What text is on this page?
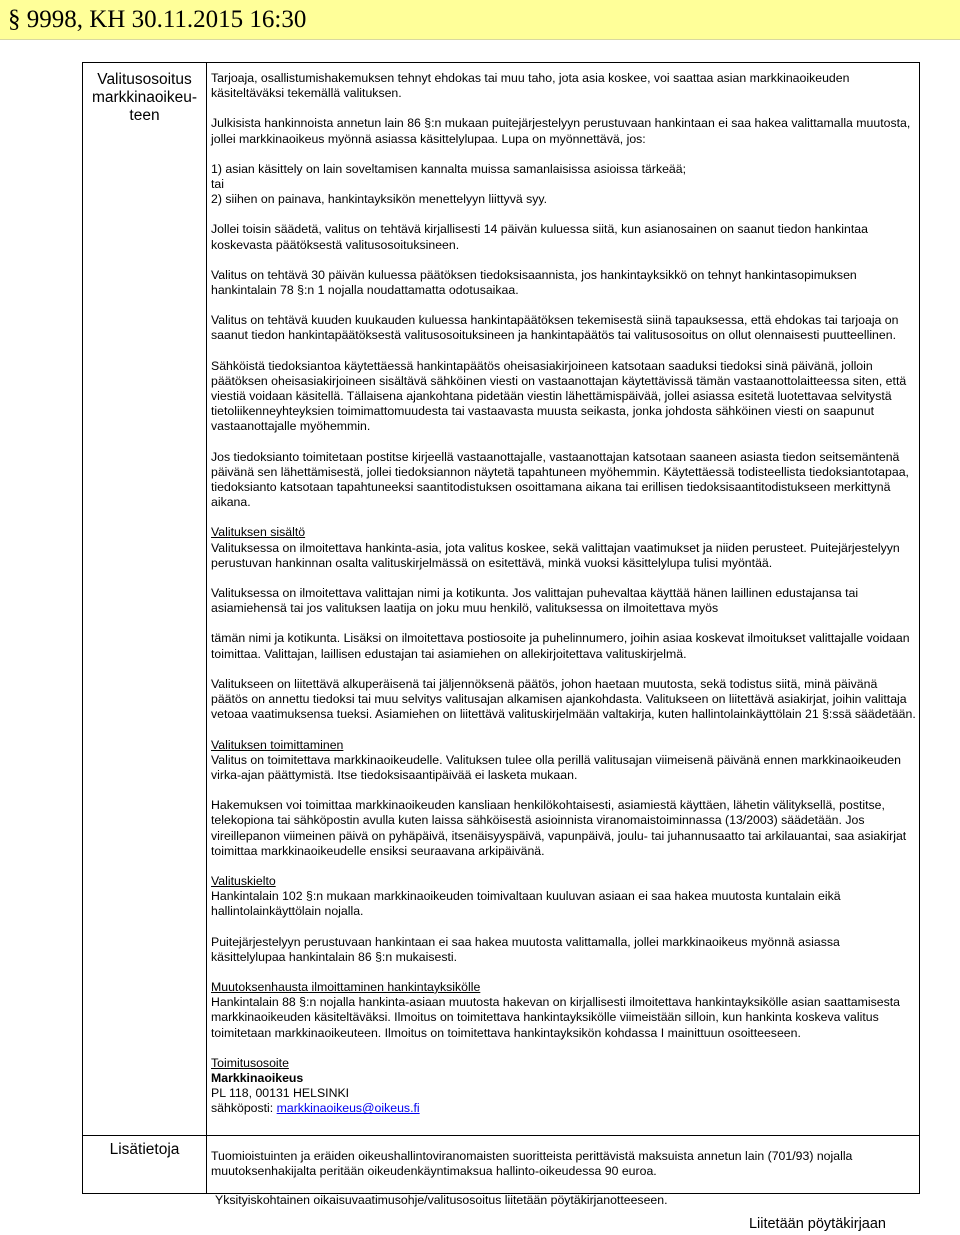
§ 9998, KH 30.11.2015 16:30
Valitusosoitus
markkinaoikeu-
teen
Lisätietoja

Tarjoaja, osallistumishakemuksen tehnyt ehdokas tai muu taho, jota asia koskee, voi saattaa asian markkinaoikeuden käsiteltäväksi tekemällä valituksen.

Julkisista hankinnoista annetun lain 86 §:n mukaan puitejärjestelyyn perustuvaan hankintaan ei saa hakea valittamalla muutosta, jollei markkinaoikeus myönnä asiassa käsittelylupaa. Lupa on myönnettävä, jos:

1) asian käsittely on lain soveltamisen kannalta muissa samanlaisissa asioissa tärkeää;

tai

2) siihen on painava, hankintayksikön menettelyyn liittyvä syy.

Jollei toisin säädetä, valitus on tehtävä kirjallisesti 14 päivän kuluessa siitä, kun asianosainen on saanut tiedon hankintaa koskevasta päätöksestä valitusosoituksineen.

Valitus on tehtävä 30 päivän kuluessa päätöksen tiedoksisaannista, jos hankintayksikkö on tehnyt hankintasopimuksen hankintalain 78 §:n 1 nojalla noudattamatta odotusaikaa.

Valitus on tehtävä kuuden kuukauden kuluessa hankintapäätöksen tekemisestä siinä tapauksessa, että ehdokas tai tarjoaja on saanut tiedon hankintapäätöksestä valitusosoituksineen ja hankintapäätös tai valitusosoitus on ollut olennaisesti puutteellinen.

Sähköistä tiedoksiantoa käytettäessä hankintapäätös oheisasiakirjoineen katsotaan saaduksi tiedoksi sinä päivänä, jolloin päätöksen oheisasiakirjoineen sisältävä sähköinen viesti on vastaanottajan käytettävissä tämän vastaanottolaitteessa siten, että viestiä voidaan käsitellä. Tällaisena ajankohtana pidetään viestin lähettämispäivää, jollei asiassa esitetä luotettavaa selvitystä tietoliikenneyhteyksien toimimattomuudesta tai vastaavasta muusta seikasta, jonka johdosta sähköinen viesti on saapunut vastaanottajalle myöhemmin.

Jos tiedoksianto toimitetaan postitse kirjeellä vastaanottajalle, vastaanottajan katsotaan saaneen asiasta tiedon seitsemäntenä päivänä sen lähettämisestä, jollei tiedoksiannon näytetä tapahtuneen myöhemmin. Käytettäessä todisteellista tiedoksiantotapaa, tiedoksianto katsotaan tapahtuneeksi saantitodistuksen osoittamana aikana tai erillisen tiedoksisaantitodistukseen merkittynä aikana.

Valituksen sisältö

Valituksessa on ilmoitettava hankinta-asia, jota valitus koskee, sekä valittajan vaatimukset ja niiden perusteet. Puitejärjestelyyn perustuvan hankinnan osalta valituskirjelmässä on esitettävä, minkä vuoksi käsittelylupa tulisi myöntää.

Valituksessa on ilmoitettava valittajan nimi ja kotikunta. Jos valittajan puhevaltaa käyttää hänen laillinen edustajansa tai asiamiehensä tai jos valituksen laatija on joku muu henkilö, valituksessa on ilmoitettava myös

tämän nimi ja kotikunta. Lisäksi on ilmoitettava postiosoite ja puhelinnumero, joihin asiaa koskevat ilmoitukset valittajalle voidaan toimittaa. Valittajan, laillisen edustajan tai asiamiehen on allekirjoitettava valituskirjelmä.

Valitukseen on liitettävä alkuperäisenä tai jäljennöksenä päätös, johon haetaan muutosta, sekä todistus siitä, minä päivänä päätös on annettu tiedoksi tai muu selvitys valitusajan alkamisen ajankohdasta. Valitukseen on liitettävä asiakirjat, joihin valittaja vetoaa vaatimuksensa tueksi. Asiamiehen on liitettävä valituskirjelmään valtakirja, kuten hallintolainkäyttölain 21 §:ssä säädetään.

Valituksen toimittaminen

Valitus on toimitettava markkinaoikeudelle. Valituksen tulee olla perillä valitusajan viimeisenä päivänä ennen markkinaoikeuden virka-ajan päättymistä. Itse tiedoksisaantipäivää ei lasketa mukaan.

Hakemuksen voi toimittaa markkinaoikeuden kansliaan henkilökohtaisesti, asiamiestä käyttäen, lähetin välityksellä, postitse, telekopiona tai sähköpostin avulla kuten laissa sähköisestä asioinnista viranomaistoiminnassa (13/2003) säädetään. Jos vireillepanon viimeinen päivä on pyhäpäivä, itsenäisyyspäivä, vapunpäivä, joulu- tai juhannusaatto tai arkilauantai, saa asiakirjat toimittaa markkinaoikeudelle ensiksi seuraavana arkipäivänä.

Valituskielto

Hankintalain 102 §:n mukaan markkinaoikeuden toimivaltaan kuuluvan asiaan ei saa hakea muutosta kuntalain eikä hallintolainkäyttölain nojalla.

Puitejärjestelyyn perustuvaan hankintaan ei saa hakea muutosta valittamalla, jollei markkinaoikeus myönnä asiassa käsittelylupaa hankintalain 86 §:n mukaisesti.

Muutoksenhausta ilmoittaminen hankintayksikölle

Hankintalain 88 §:n nojalla hankinta-asiaan muutosta hakevan on kirjallisesti ilmoitettava hankintayksikölle asian saattamisesta markkinaoikeuden käsiteltäväksi. Ilmoitus on toimitettava hankintayksikölle viimeistään silloin, kun hankinta koskeva valitus toimitetaan markkinaoikeuteen. Ilmoitus on toimitettava hankintayksikön kohdassa I mainittuun osoitteeseen.

Toimitusosoite

Markkinaoikeus

PL 118, 00131 HELSINKI

sähköposti: markkinaoikeus@oikeus.fi

Tuomioistuinten ja eräiden oikeushallintoviranomaisten suoritteista perittävistä maksuista annetun lain (701/93) nojalla muutoksenhakijalta peritään oikeudenkäyntimaksua hallinto-oikeudessa 90 euroa.

Yksityiskohtainen oikaisuvaatimusohje/valitusosoitus liitetään pöytäkirjanotteeseen.
Liitetään pöytäkirjaan
